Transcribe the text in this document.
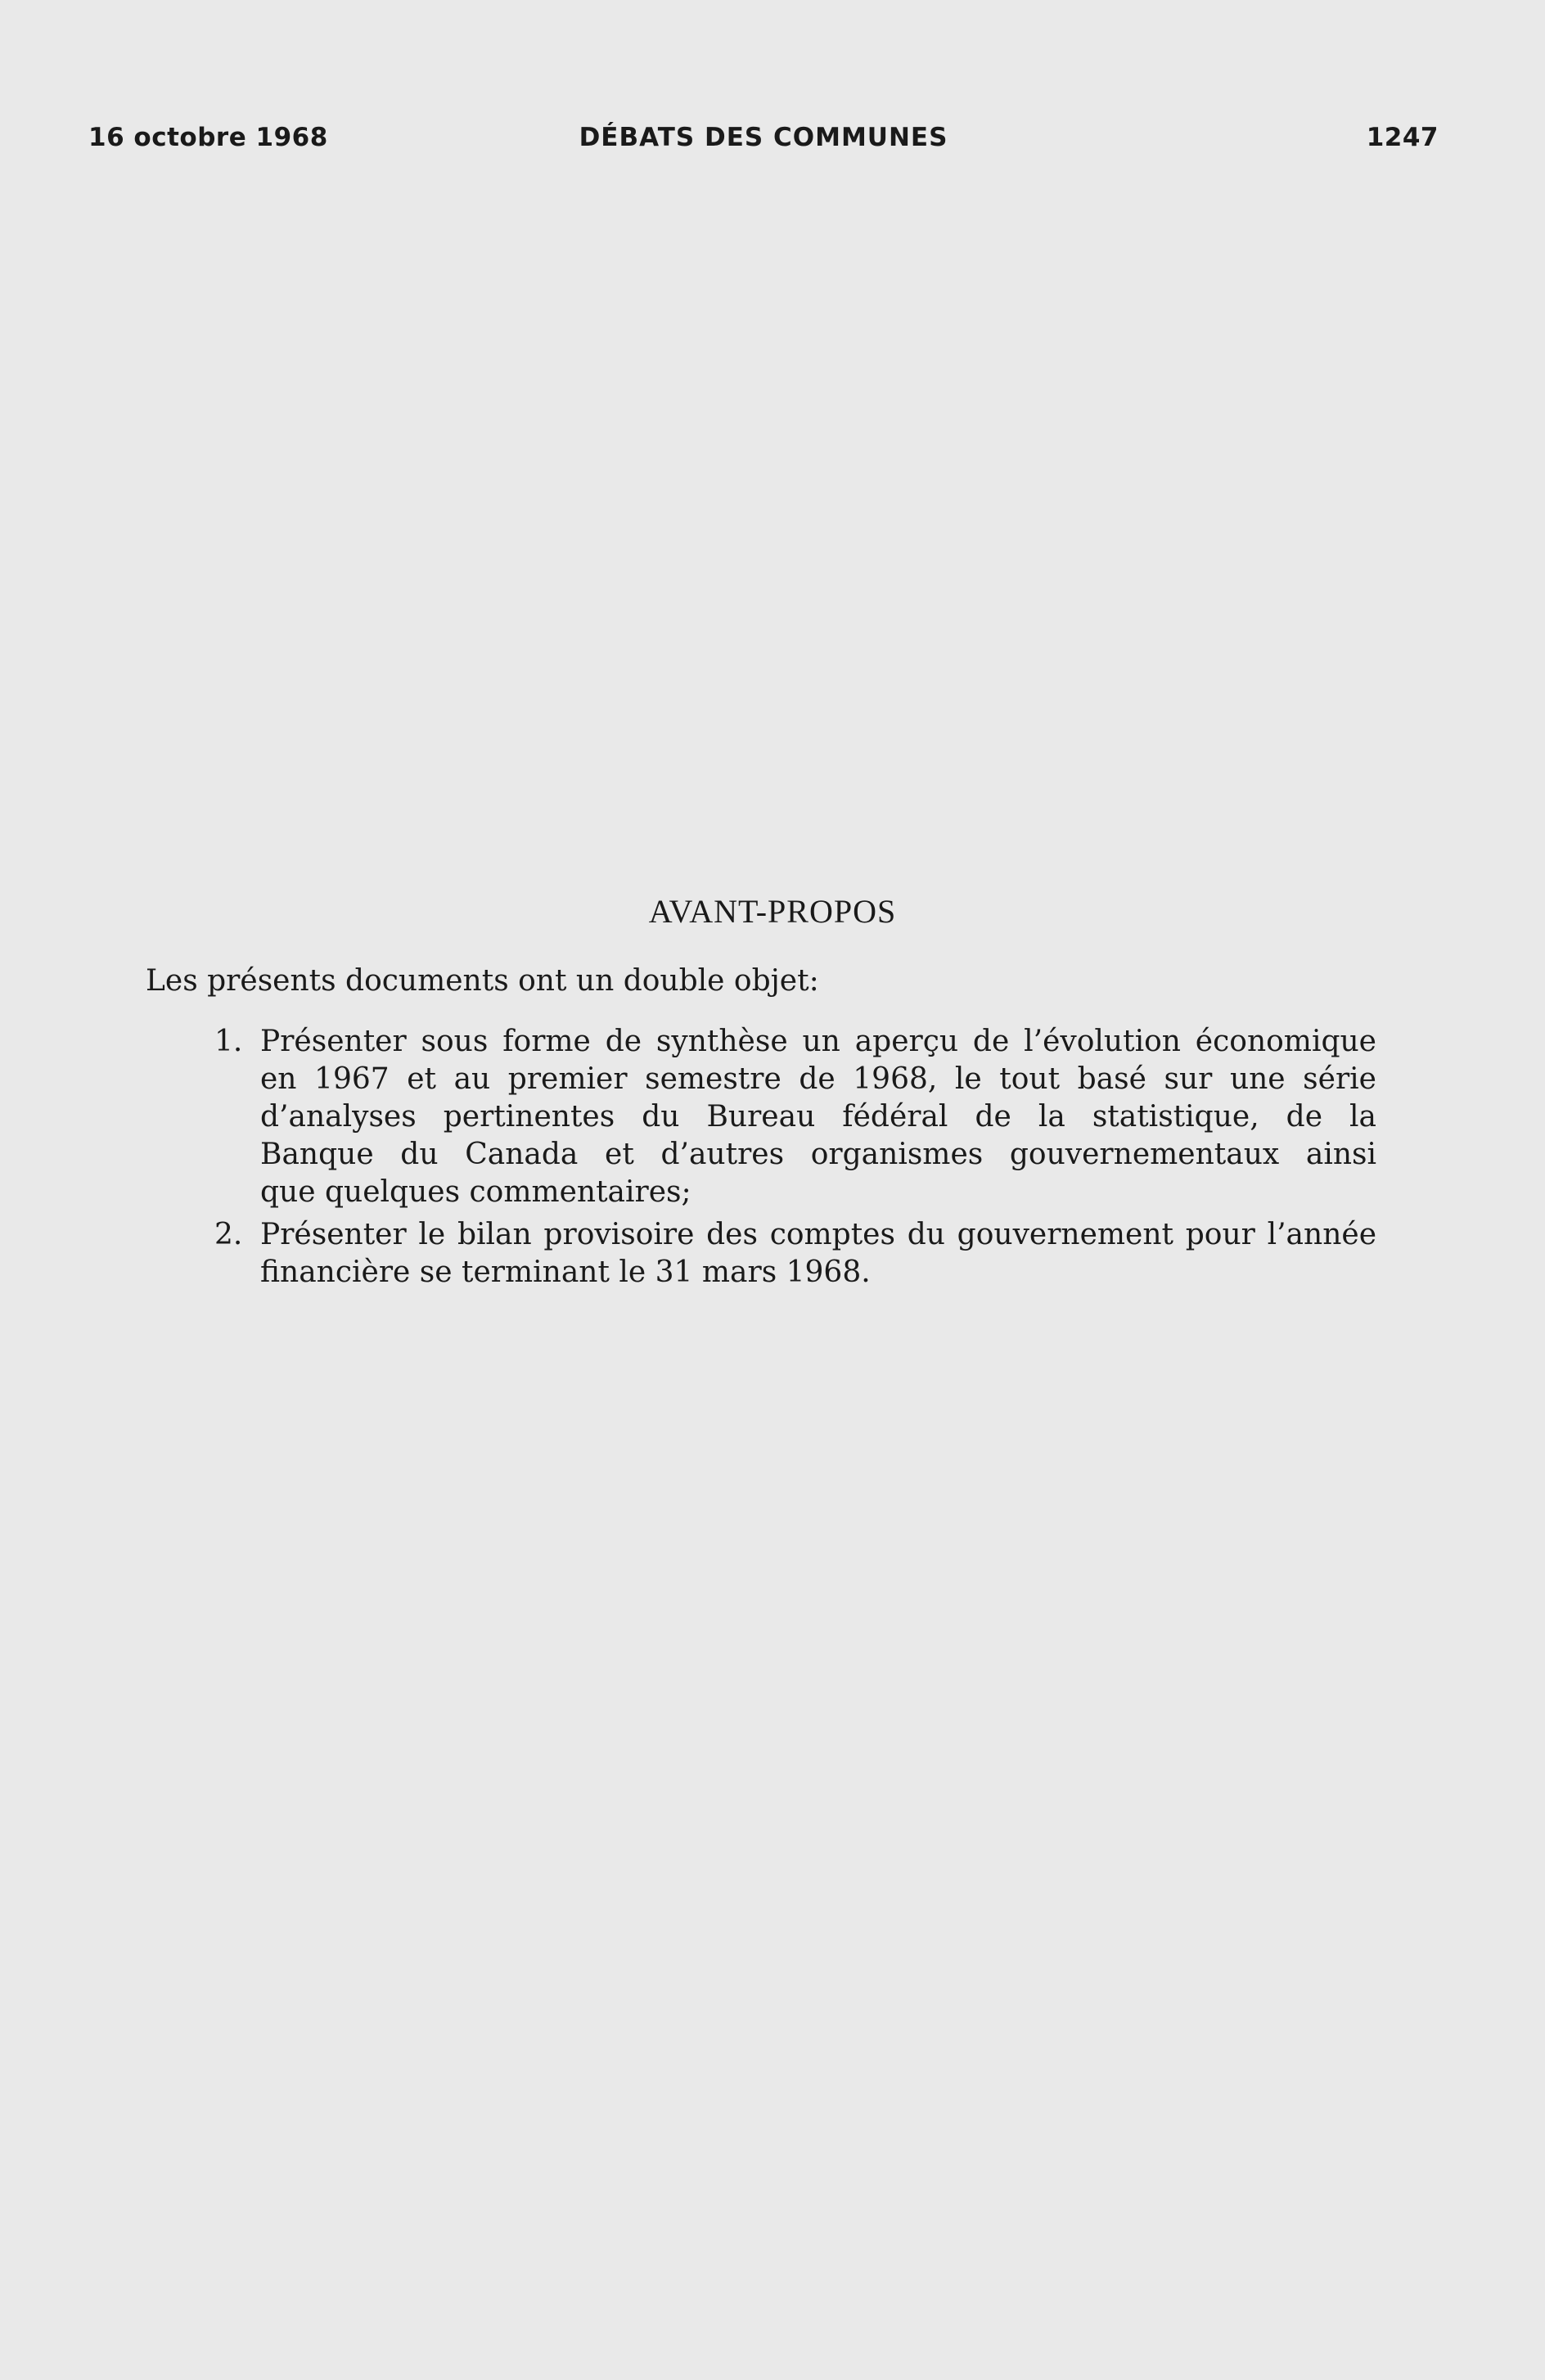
16 octobre 1968	DÉBATS DES COMMUNES	1247
AVANT-PROPOS
Les présents documents ont un double objet:
1. Présenter sous forme de synthèse un aperçu de l’évolution économique
en 1967 et au premier semestre de 1968, le tout basé sur une série
d’analyses pertinentes du Bureau fédéral de la statistique, de la
Banque du Canada et d’autres organismes gouvernementaux ainsi
que quelques commentaires;
2. Présenter le bilan provisoire des comptes du gouvernement pour l’année
financière se terminant le 31 mars 1968.
